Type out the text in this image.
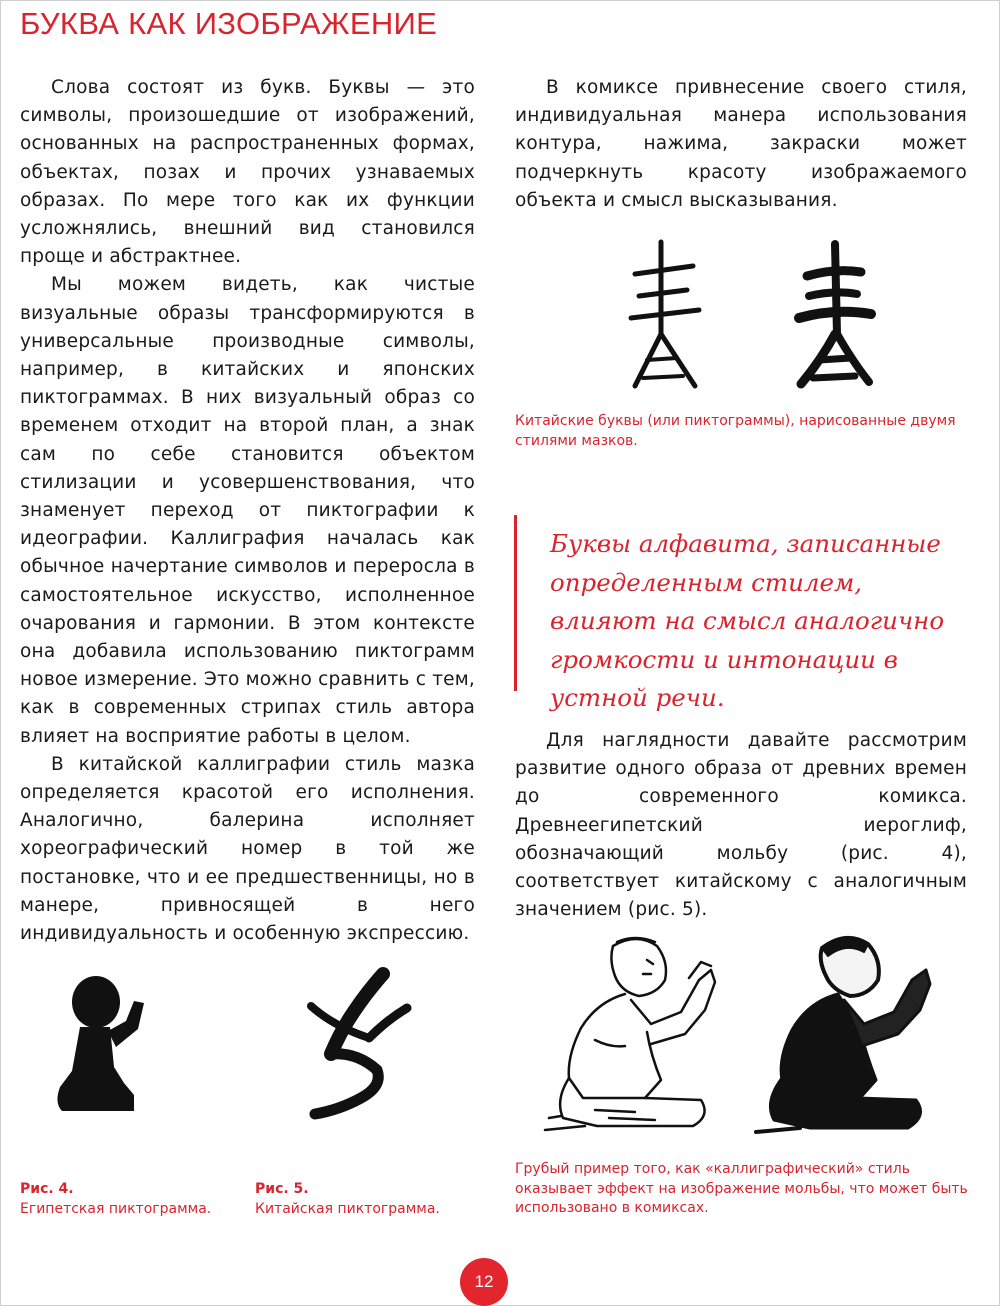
БУКВА КАК ИЗОБРАЖЕНИЕ

Слова состоят из букв. Буквы — это символы, произошедшие от изображений, основанных на распространенных формах, объектах, позах и прочих узнаваемых образах. По мере того как их функции усложнялись, внешний вид становился проще и абстрактнее.

Мы можем видеть, как чистые визуальные образы трансформируются в универсальные производные символы, например, в китайских и японских пиктограммах. В них визуальный образ со временем отходит на второй план, а знак сам по себе становится объектом стилизации и усовершенствования, что знаменует переход от пиктографии к идеографии. Каллиграфия началась как обычное начертание символов и переросла в самостоятельное искусство, исполненное очарования и гармонии. В этом контексте она добавила использованию пиктограмм новое измерение. Это можно сравнить с тем, как в современных стрипах стиль автора влияет на восприятие работы в целом.

В китайской каллиграфии стиль мазка определяется красотой его исполнения. Аналогично, балерина исполняет хореографический номер в той же постановке, что и ее предшественницы, но в манере, привносящей в него индивидуальность и особенную экспрессию.

В комиксе привнесение своего стиля, индивидуальная манера использования контура, нажима, закраски может подчеркнуть красоту изображаемого объекта и смысл высказывания.

Китайские буквы (или пиктограммы), нарисованные двумя стилями мазков.
Буквы алфавита, записанные определенным стилем, влияют на смысл аналогично громкости и интонации в устной речи.

Для наглядности давайте рассмотрим развитие одного образа от древних времен до современного комикса. Древнеегипетский иероглиф, обозначающий мольбу (рис. 4), соответствует китайскому с аналогичным значением (рис. 5).

Рис. 4.
Египетская пиктограмма.
Рис. 5.
Китайская пиктограмма.
Грубый пример того, как «каллиграфический» стиль оказывает эффект на изображение мольбы, что может быть использовано в комиксах.
12
